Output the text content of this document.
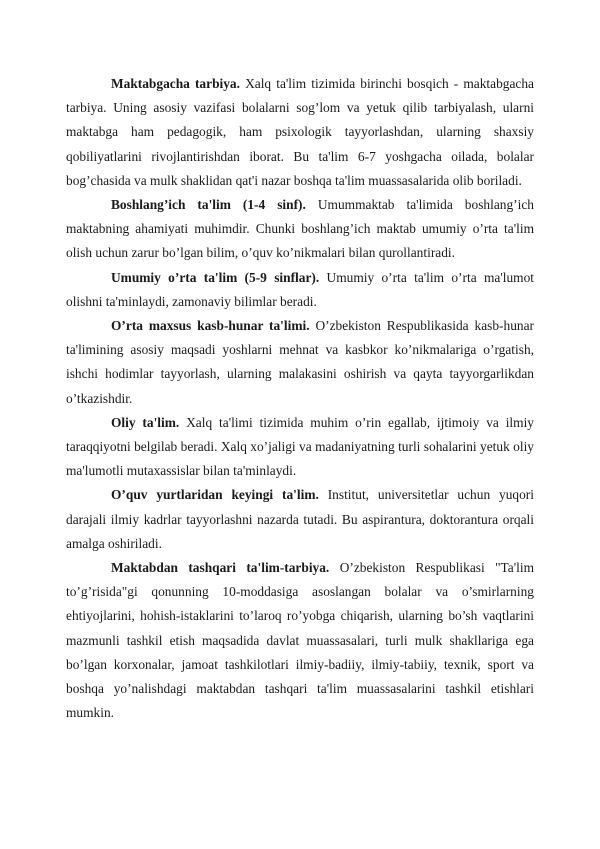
Maktabgacha tarbiya. Xalq ta'lim tizimida birinchi bosqich - maktabgacha tarbiya. Uning asosiy vazifasi bolalarni sog’lom va yetuk qilib tarbiyalash, ularni maktabga ham pedagogik, ham psixologik tayyorlashdan, ularning shaxsiy qobiliyatlarini rivojlantirishdan iborat. Bu ta'lim 6-7 yoshgacha oilada, bolalar bog’chasida va mulk shaklidan qat'i nazar boshqa ta'lim muassasalarida olib boriladi.

Boshlang’ich ta'lim (1-4 sinf). Umummaktab ta'limida boshlang’ich maktabning ahamiyati muhimdir. Chunki boshlang’ich maktab umumiy o’rta ta'lim olish uchun zarur bo’lgan bilim, o’quv ko’nikmalari bilan qurollantiradi.

Umumiy o’rta ta'lim (5-9 sinflar). Umumiy o’rta ta'lim o’rta ma'lumot olishni ta'minlaydi, zamonaviy bilimlar beradi.

O’rta maxsus kasb-hunar ta'limi. O’zbekiston Respublikasida kasb-hunar ta'limining asosiy maqsadi yoshlarni mehnat va kasbkor ko’nikmalariga o’rgatish, ishchi hodimlar tayyorlash, ularning malakasini oshirish va qayta tayyorgarlikdan o’tkazishdir.

Oliy ta'lim. Xalq ta'limi tizimida muhim o’rin egallab, ijtimoiy va ilmiy taraqqiyotni belgilab beradi. Xalq xo’jaligi va madaniyatning turli sohalarini yetuk oliy ma'lumotli mutaxassislar bilan ta'minlaydi.

O’quv yurtlaridan keyingi ta'lim. Institut, universitetlar uchun yuqori darajali ilmiy kadrlar tayyorlashni nazarda tutadi. Bu aspirantura, doktorantura orqali amalga oshiriladi.

Maktabdan tashqari ta'lim-tarbiya. O’zbekiston Respublikasi "Ta'lim to’g’risida"gi qonunning 10-moddasiga asoslangan bolalar va o’smirlarning ehtiyojlarini, hohish-istaklarini to’laroq ro’yobga chiqarish, ularning bo’sh vaqtlarini mazmunli tashkil etish maqsadida davlat muassasalari, turli mulk shakllariga ega bo’lgan korxonalar, jamoat tashkilotlari ilmiy-badiiy, ilmiy-tabiiy, texnik, sport va boshqa yo’nalishdagi maktabdan tashqari ta'lim muassasalarini tashkil etishlari mumkin.
